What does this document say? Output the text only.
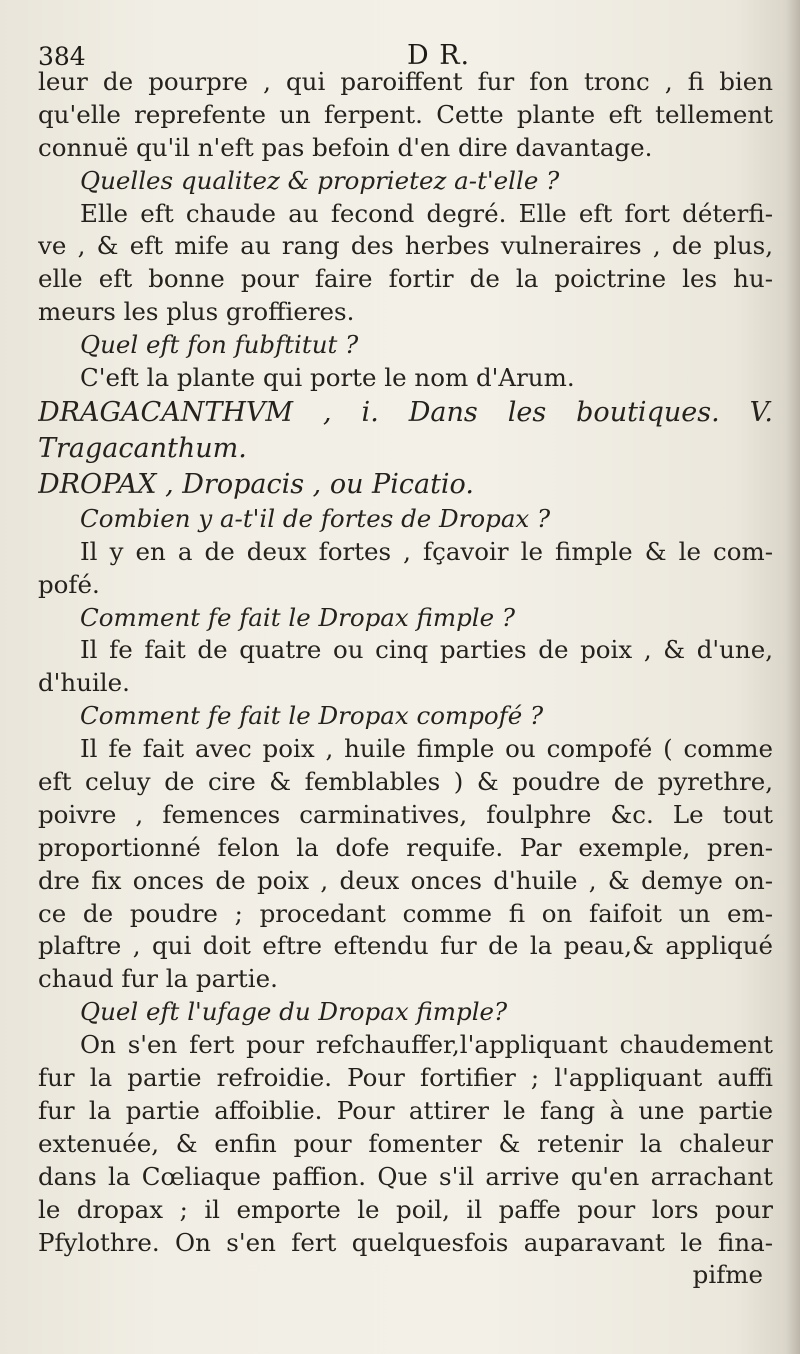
384	D R.
leur de pourpre , qui paroiffent fur fon tronc , fi bien
qu'elle reprefente un ferpent. Cette plante eft tellement
connuë qu'il n'eft pas befoin d'en dire davantage.
Quelles qualitez & proprietez a-t'elle ?
Elle eft chaude au fecond degré. Elle eft fort déterfi-
ve , & eft mife au rang des herbes vulneraires , de plus,
elle eft bonne pour faire fortir de la poictrine les hu-
meurs les plus groffieres.
Quel eft fon fubftitut ?
C'eft la plante qui porte le nom d'Arum.
DRAGACANTHVM , i. Dans les boutiques. V.
Tragacanthum.
DROPAX , Dropacis , ou Picatio.
Combien y a-t'il de fortes de Dropax ?
Il y en a de deux fortes , fçavoir le fimple & le com-
pofé.
Comment fe fait le Dropax fimple ?
Il fe fait de quatre ou cinq parties de poix , & d'une,
d'huile.
Comment fe fait le Dropax compofé ?
Il fe fait avec poix , huile fimple ou compofé ( comme
eft celuy de cire & femblables ) & poudre de pyrethre,
poivre , femences carminatives, foulphre &c. Le tout
proportionné felon la dofe requife. Par exemple, pren-
dre fix onces de poix , deux onces d'huile , & demye on-
ce de poudre ; procedant comme fi on faifoit un em-
plaftre , qui doit eftre eftendu fur de la peau,& appliqué
chaud fur la partie.
Quel eft l'ufage du Dropax fimple?
On s'en fert pour refchauffer,l'appliquant chaudement
fur la partie refroidie. Pour fortifier ; l'appliquant auffi
fur la partie affoiblie. Pour attirer le fang à une partie
extenuée, & enfin pour fomenter & retenir la chaleur
dans la Cœliaque paffion. Que s'il arrive qu'en arrachant
le dropax ; il emporte le poil, il paffe pour lors pour
Pfylothre. On s'en fert quelquesfois auparavant le fina-
pifme
